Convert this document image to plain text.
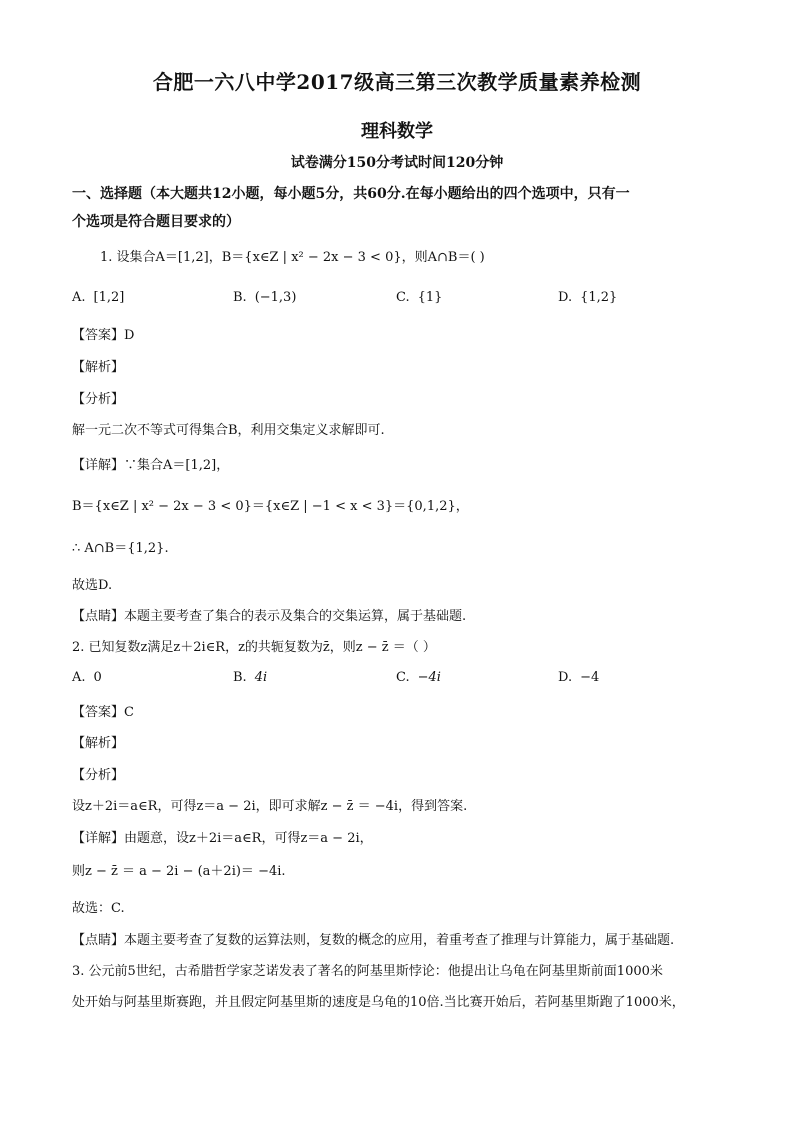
合肥一六八中学2017级高三第三次教学质量素养检测
理科数学
试卷满分150分考试时间120分钟
一、选择题（本大题共12小题，每小题5分，共60分.在每小题给出的四个选项中，只有一
个选项是符合题目要求的）
1. 设集合A＝[1,2]，B＝{x∈Z | x² − 2x − 3 < 0}，则A∩B＝( )
A. [1,2]	B. (−1,3)	C. {1}	D. {1,2}
【答案】D
【解析】
【分析】
解一元二次不等式可得集合B，利用交集定义求解即可.
【详解】∵集合A＝[1,2]，
B＝{x∈Z | x² − 2x − 3 < 0}＝{x∈Z | −1 < x < 3}＝{0,1,2}，
∴ A∩B＝{1,2}.
故选D.
【点睛】本题主要考查了集合的表示及集合的交集运算，属于基础题.
2. 已知复数z满足z＋2i∈R，z的共轭复数为z̄，则z − z̄ ＝（ ）
A. 0	B. 4i	C. −4i	D. −4
【答案】C
【解析】
【分析】
设z＋2i＝a∈R，可得z＝a − 2i，即可求解z − z̄ ＝ −4i，得到答案.
【详解】由题意，设z＋2i＝a∈R，可得z＝a − 2i，
则z − z̄ ＝ a − 2i − (a＋2i)＝ −4i.
故选：C.
【点睛】本题主要考查了复数的运算法则，复数的概念的应用，着重考查了推理与计算能力，属于基础题.
3. 公元前5世纪，古希腊哲学家芝诺发表了著名的阿基里斯悖论：他提出让乌龟在阿基里斯前面1000米
处开始与阿基里斯赛跑，并且假定阿基里斯的速度是乌龟的10倍.当比赛开始后，若阿基里斯跑了1000米，
